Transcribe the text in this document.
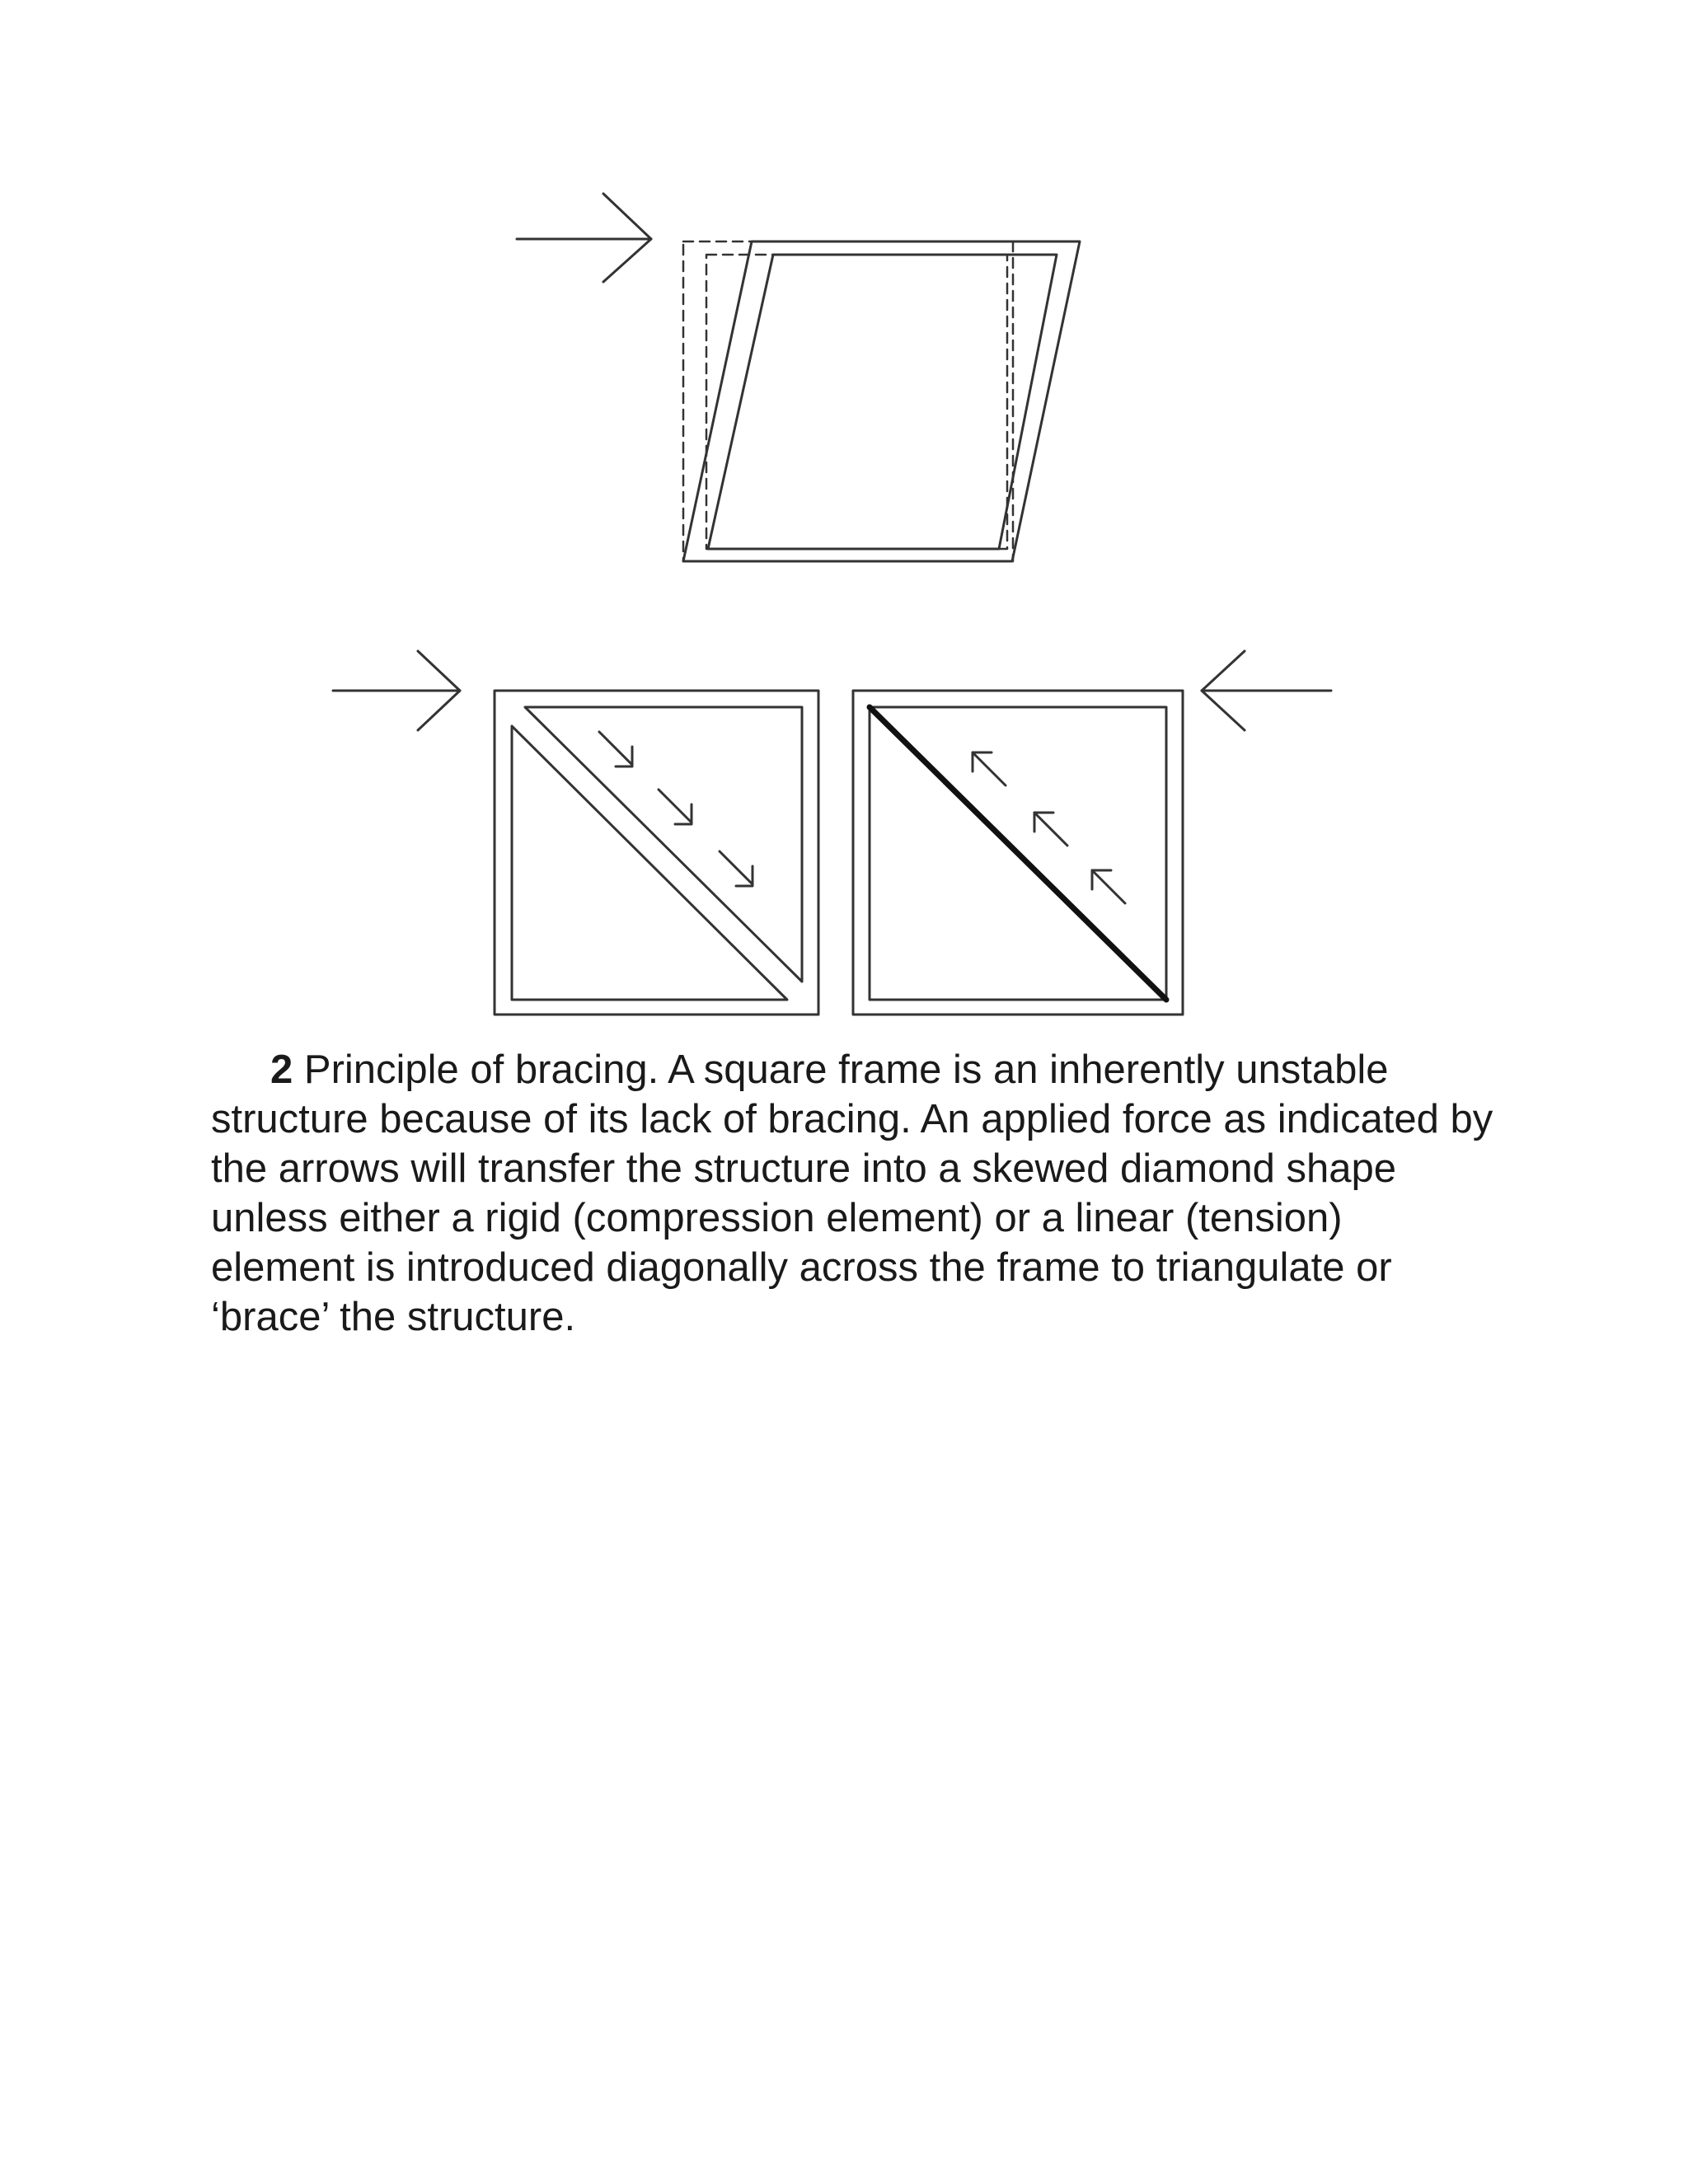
2 Principle of bracing. A square frame is an inherently unstable structure because of its lack of bracing. An applied force as indicated by the arrows will transfer the structure into a skewed diamond shape unless either a rigid (compression element) or a linear (tension) element is introduced diagonally across the frame to triangulate or ‘brace’ the structure.
